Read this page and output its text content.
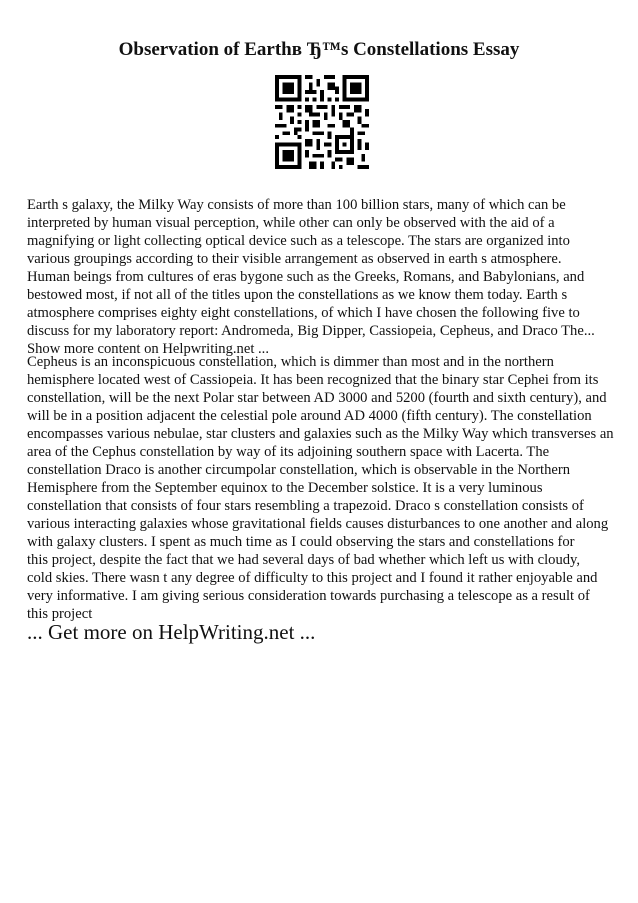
Observation of Earthв Ђ™s Constellations Essay

Earth s galaxy, the Milky Way consists of more than 100 billion stars, many of which can be
interpreted by human visual perception, while other can only be observed with the aid of a
magnifying or light collecting optical device such as a telescope. The stars are organized into
various groupings according to their visible arrangement as observed in earth s atmosphere.
Human beings from cultures of eras bygone such as the Greeks, Romans, and Babylonians, and
bestowed most, if not all of the titles upon the constellations as we know them today. Earth s
atmosphere comprises eighty eight constellations, of which I have chosen the following five to
discuss for my laboratory report: Andromeda, Big Dipper, Cassiopeia, Cepheus, and Draco The...
Show more content on Helpwriting.net ...

Cepheus is an inconspicuous constellation, which is dimmer than most and in the northern
hemisphere located west of Cassiopeia. It has been recognized that the binary star Cephei from its
constellation, will be the next Polar star between AD 3000 and 5200 (fourth and sixth century), and
will be in a position adjacent the celestial pole around AD 4000 (fifth century). The constellation
encompasses various nebulae, star clusters and galaxies such as the Milky Way which transverses an
area of the Cephus constellation by way of its adjoining southern space with Lacerta. The
constellation Draco is another circumpolar constellation, which is observable in the Northern
Hemisphere from the September equinox to the December solstice. It is a very luminous
constellation that consists of four stars resembling a trapezoid. Draco s constellation consists of
various interacting galaxies whose gravitational fields causes disturbances to one another and along
with galaxy clusters. I spent as much time as I could observing the stars and constellations for
this project, despite the fact that we had several days of bad whether which left us with cloudy,
cold skies. There wasn t any degree of difficulty to this project and I found it rather enjoyable and
very informative. I am giving serious consideration towards purchasing a telescope as a result of
this project

... Get more on HelpWriting.net ...
